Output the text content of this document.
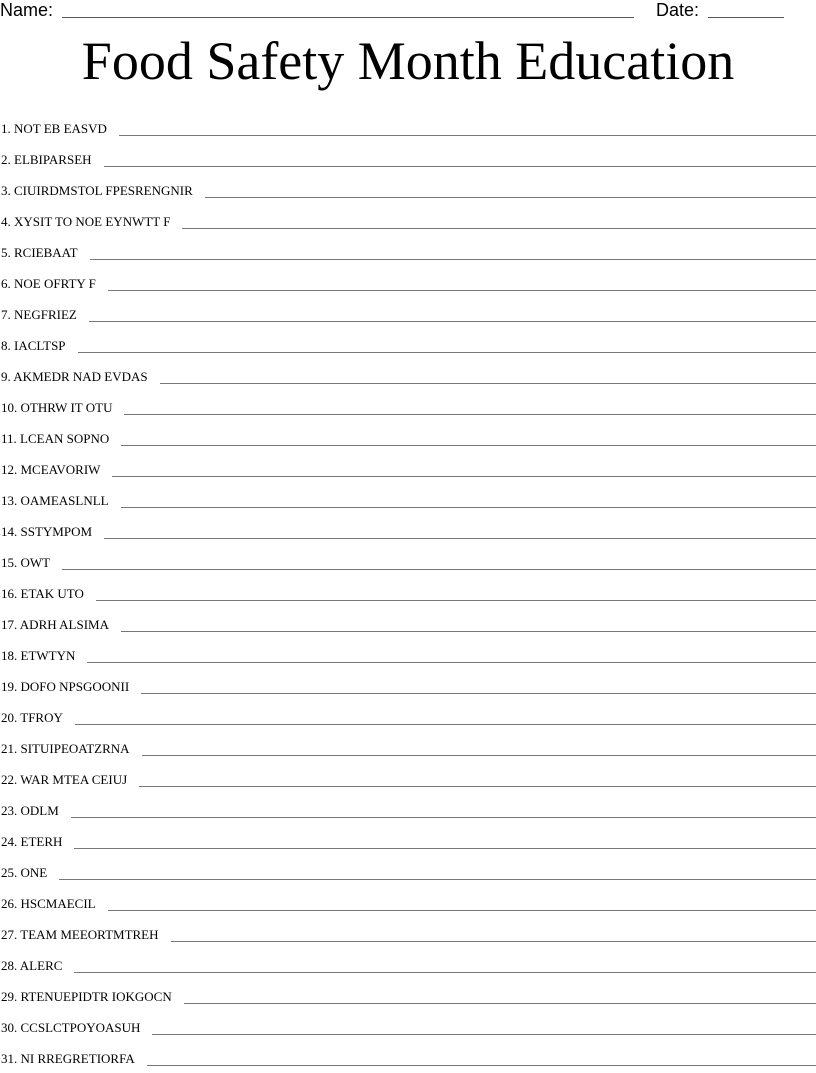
Name:	Date:
Food Safety Month Education
1. NOT EB EASVD
2. ELBIPARSEH
3. CIUIRDMSTOL FPESRENGNIR
4. XYSIT TO NOE EYNWTT F
5. RCIEBAAT
6. NOE OFRTY F
7. NEGFRIEZ
8. IACLTSP
9. AKMEDR NAD EVDAS
10. OTHRW IT OTU
11. LCEAN SOPNO
12. MCEAVORIW
13. OAMEASLNLL
14. SSTYMPOM
15. OWT
16. ETAK UTO
17. ADRH ALSIMA
18. ETWTYN
19. DOFO NPSGOONII
20. TFROY
21. SITUIPEOATZRNA
22. WAR MTEA CEIUJ
23. ODLM
24. ETERH
25. ONE
26. HSCMAECIL
27. TEAM MEEORTMTREH
28. ALERC
29. RTENUEPIDTR IOKGOCN
30. CCSLCTPOYOASUH
31. NI RREGRETIORFA
